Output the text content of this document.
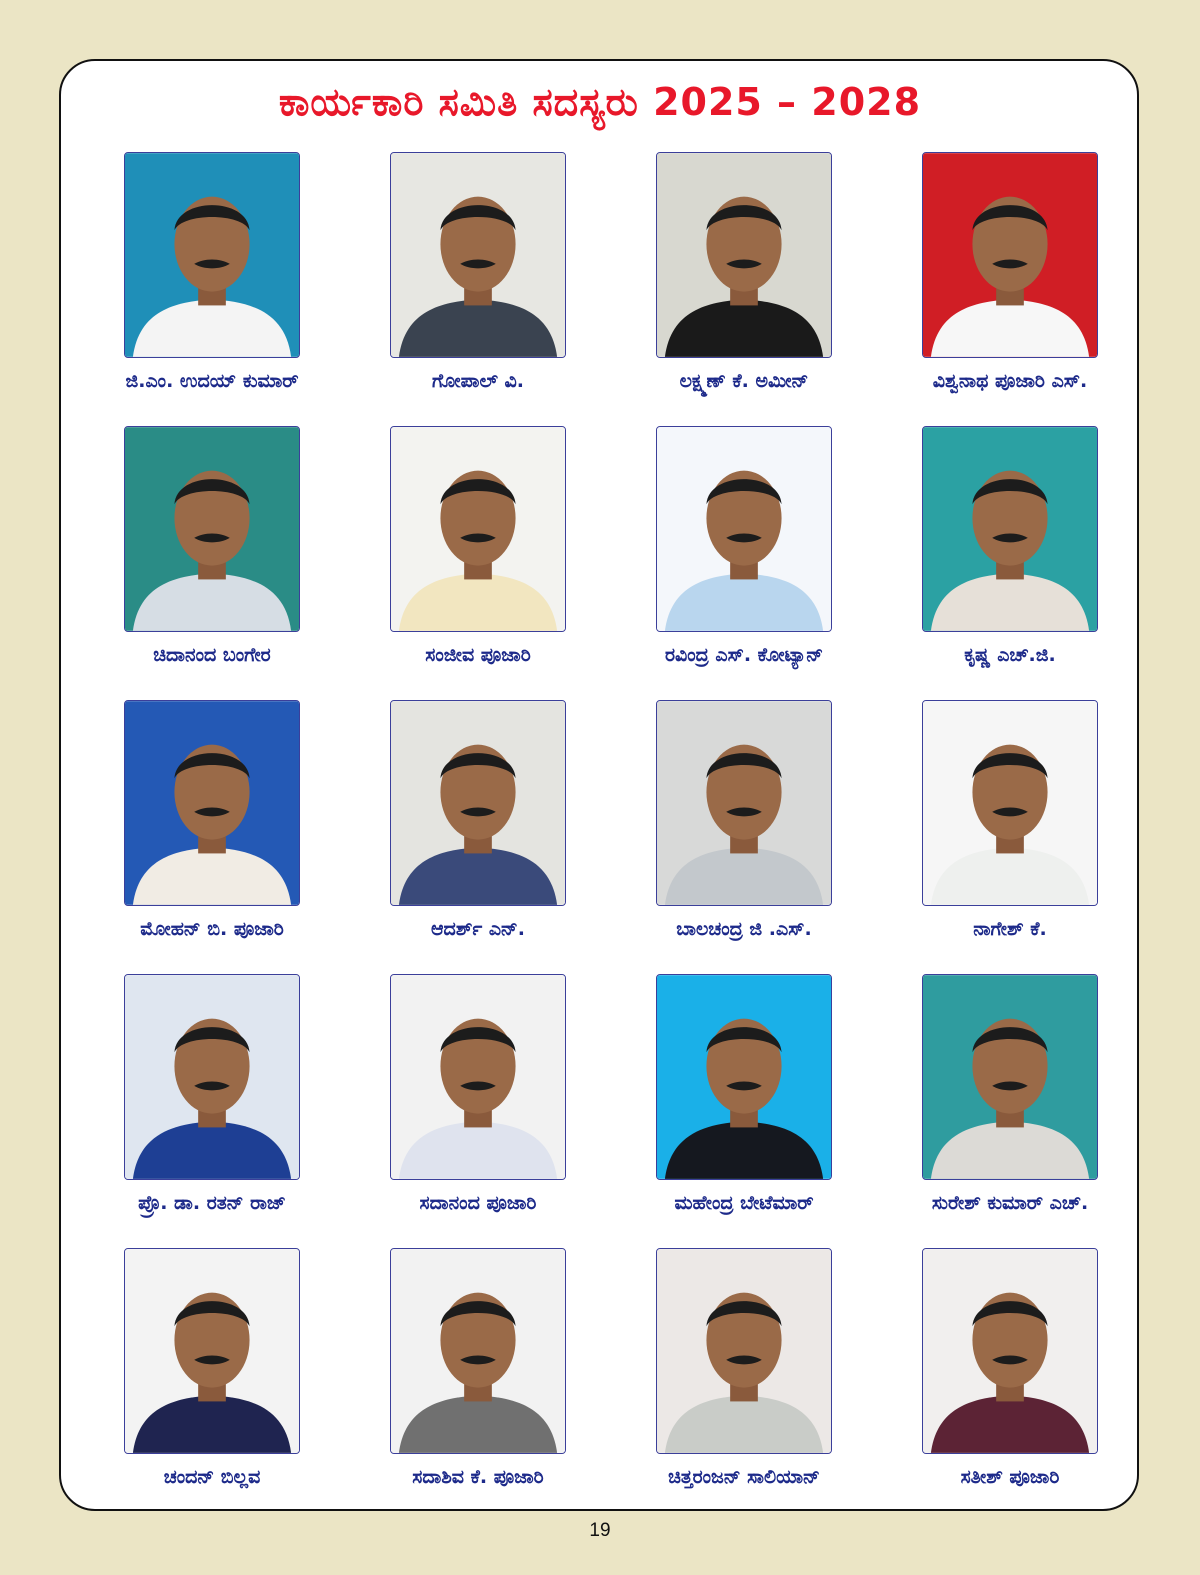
ಕಾರ್ಯಕಾರಿ ಸಮಿತಿ ಸದಸ್ಯರು 2025 – 2028
ಜಿ.ಎಂ. ಉದಯ್ ಕುಮಾರ್	ಗೋಪಾಲ್ ವಿ.	ಲಕ್ಷ್ಮಣ್ ಕೆ. ಅಮೀನ್	ವಿಶ್ವನಾಥ ಪೂಜಾರಿ ಎಸ್.
ಚಿದಾನಂದ ಬಂಗೇರ	ಸಂಜೀವ ಪೂಜಾರಿ	ರವಿಂದ್ರ ಎಸ್. ಕೋಟ್ಯಾನ್	ಕೃಷ್ಣ ಎಚ್.ಜಿ.
ಮೋಹನ್ ಬಿ. ಪೂಜಾರಿ	ಆದರ್ಶ್ ಎನ್.	ಬಾಲಚಂದ್ರ ಜಿ .ಎಸ್.	ನಾಗೇಶ್ ಕೆ.
ಪ್ರೊ. ಡಾ. ರತನ್ ರಾಜ್	ಸದಾನಂದ ಪೂಜಾರಿ	ಮಹೇಂದ್ರ ಬೇಟೆಮಾರ್	ಸುರೇಶ್ ಕುಮಾರ್ ಎಚ್.
ಚಂದನ್ ಬಿಲ್ಲವ	ಸದಾಶಿವ ಕೆ. ಪೂಜಾರಿ	ಚಿತ್ತರಂಜನ್ ಸಾಲಿಯಾನ್	ಸತೀಶ್ ಪೂಜಾರಿ
19
